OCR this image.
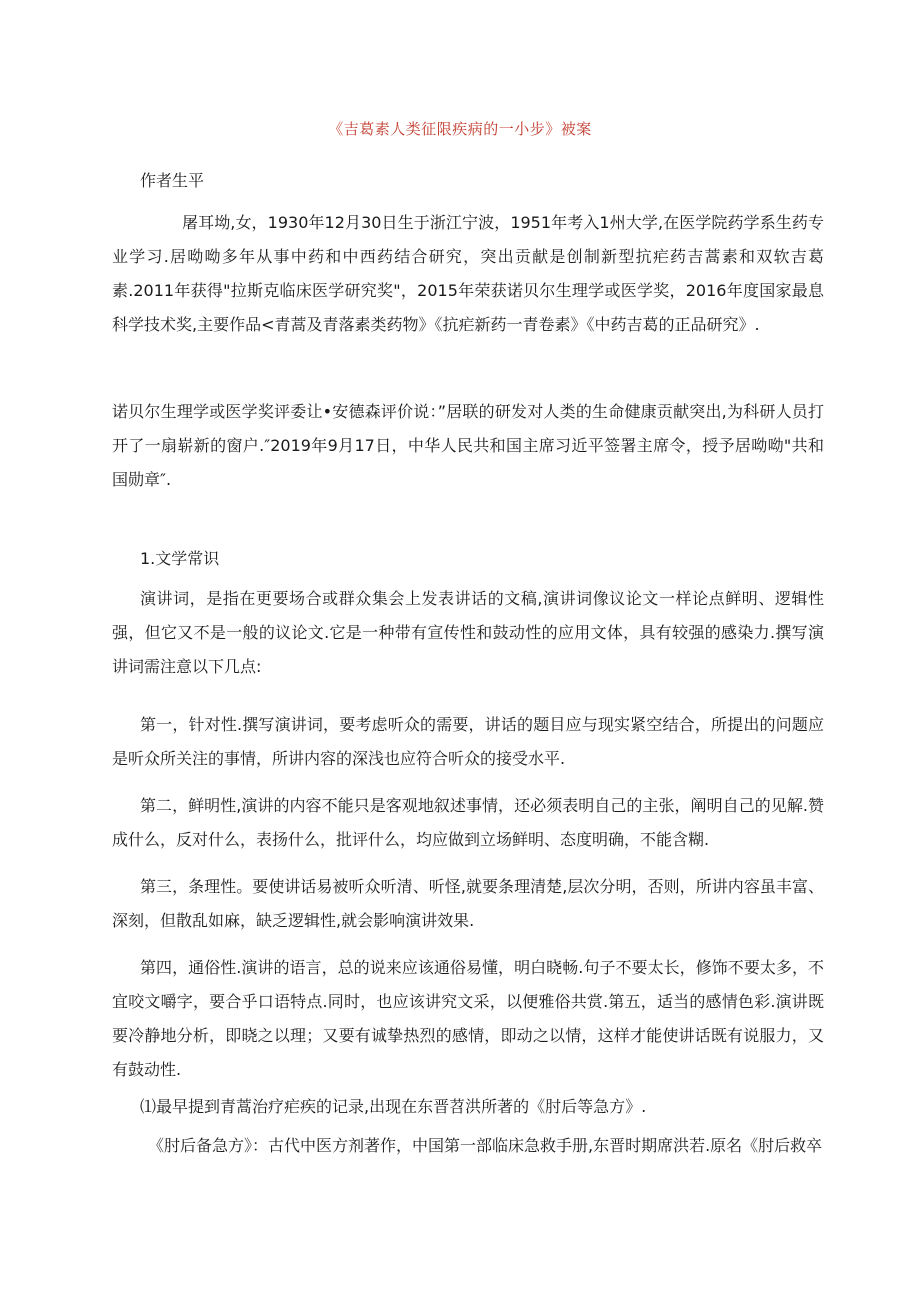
《吉葛素人类征限疾病的一小步》被案
作者生平

屠耳坳,女，1930年12月30日生于浙江宁波，1951年考入1州大学,在医学院药学系生药专业学习.居呦呦多年从事中药和中西药结合研究，突出贡献是创制新型抗疟药吉蒿素和双软吉葛素.2011年获得"拉斯克临床医学研究奖"，2015年荣获诺贝尔生理学或医学奖，2016年度国家最息科学技术奖,主要作品<青蒿及青落素类药物》《抗疟新药一青卷素》《中药吉葛的正品研究》.

诺贝尔生理学或医学奖评委让•安德森评价说：”居联的研发对人类的生命健康贡献突出,为科研人员打开了一扇崭新的窗户.″2019年9月17日，中华人民共和国主席习近平签署主席令，授予居呦呦"共和国勋章″.

1.文学常识

演讲词，是指在更要场合或群众集会上发表讲话的文稿,演讲词像议论文一样论点鲜明、逻辑性强，但它又不是一般的议论文.它是一种带有宣传性和鼓动性的应用文体，具有较强的感染力.撰写演讲词需注意以下几点:

第一，针对性.撰写演讲词，要考虑听众的需要，讲话的题目应与现实紧空结合，所提出的问题应是听众所关注的事情，所讲内容的深浅也应符合听众的接受水平.

第二，鲜明性,演讲的内容不能只是客观地叙述事情，还必须表明自己的主张，阐明自己的见解.赞成什么，反对什么，表扬什么，批评什么，均应做到立场鲜明、态度明确，不能含糊.

第三，条理性。要使讲话易被听众听清、听怪,就要条理清楚,层次分明，否则，所讲内容虽丰富、深刻，但散乱如麻，缺乏逻辑性,就会影响演讲效果.

第四，通俗性.演讲的语言，总的说来应该通俗易懂，明白晓畅.句子不要太长，修饰不要太多，不宜咬文嚼字，要合乎口语特点.同时，也应该讲究文采，以便雅俗共赏.第五，适当的感情色彩.演讲既要冷静地分析，即晓之以理；又要有诚挚热烈的感情，即动之以情，这样才能使讲话既有说服力，又有鼓动性.

⑴最早提到青蒿治疗疟疾的记录,出现在东晋苕洪所著的《肘后等急方》.

《肘后备急方》：古代中医方剂著作，中国第一部临床急救手册,东晋时期席洪若.原名《肘后救卒
